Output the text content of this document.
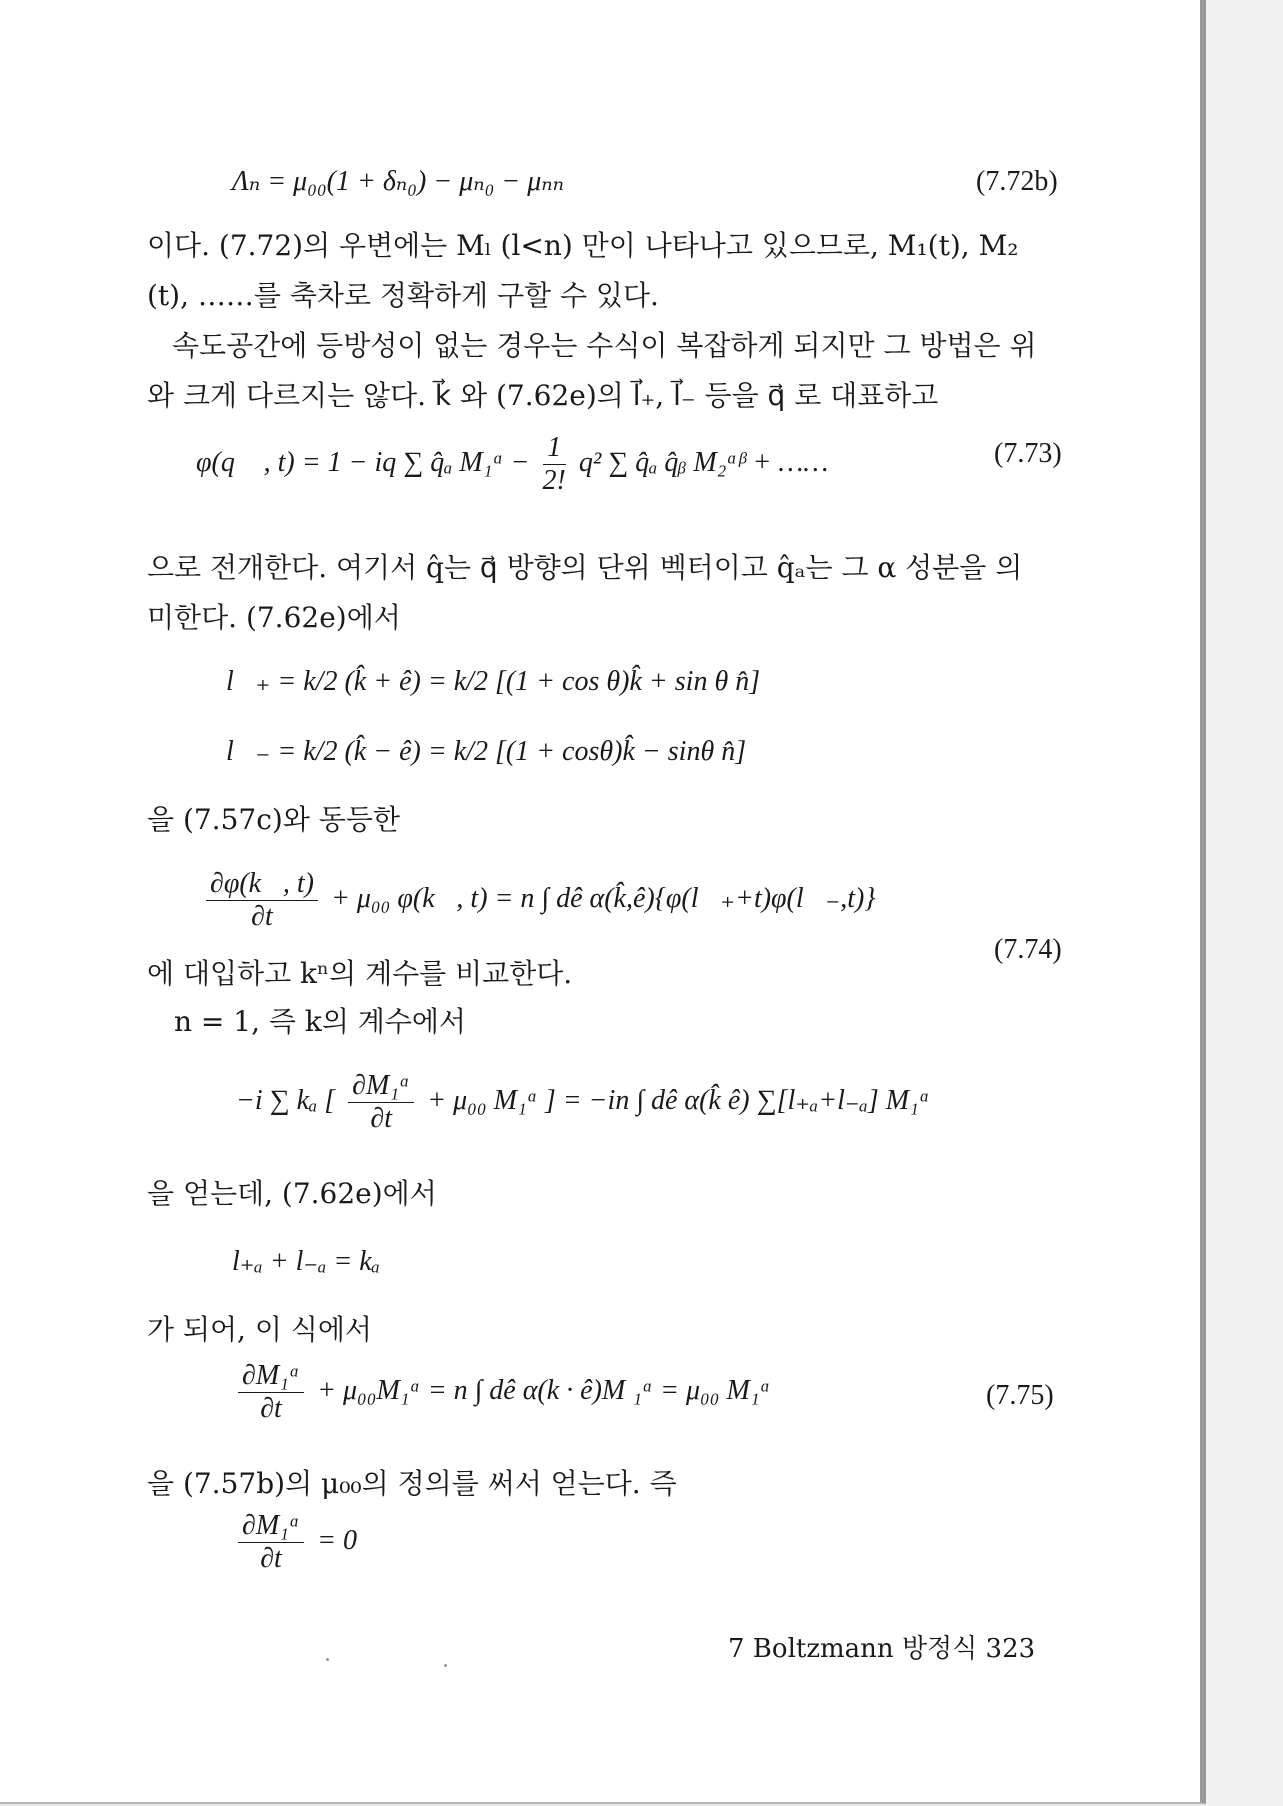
Λₙ = μ₀₀(1 + δₙ₀) − μₙ₀ − μₙₙ	(7.72b)
이다. (7.72)의 우변에는 Mₗ (l<n) 만이 나타나고 있으므로, M₁(t), M₂
(t), ……를 축차로 정확하게 구할 수 있다.
속도공간에 등방성이 없는 경우는 수식이 복잡하게 되지만 그 방법은 위
와 크게 다르지는 않다. k⃗ 와 (7.62e)의 l⃗₊, l⃗₋ 등을 q⃗ 로 대표하고
φ(q⃗ , t) = 1 − iq ∑ q̂ₐ M₁ᵅ − $\frac{1}{2!} q^2$ ∑ q̂ₐ q̂ᵦ M₂ᵅᵝ + ……	(7.73)
으로 전개한다. 여기서 q̂는 q⃗ 방향의 단위 벡터이고 q̂ₐ는 그 α 성분을 의
미한다. (7.62e)에서
l⃗₊ = k/2 (k̂ + ê) = k/2 [(1 + cos θ)k̂ + sin θ n̂]
l⃗₋ = k/2 (k̂ − ê) = k/2 [(1 + cosθ)k̂ − sinθ n̂]
을 (7.57c)와 동등한
$\frac{\partial\varphi(k⃗, t)}{\partial t} + \mu_{00}$ φ(k⃗, t) = n ∫ dê α(k̂,ê){φ(l⃗₊+t)φ(l⃗₋,t)}
(7.74)
에 대입하고 kⁿ의 계수를 비교한다.
n = 1, 즉 k의 계수에서
−i ∑ kₐ [ $\frac{\text{∂M₁ᵅ}}{\partial t} + \mu_{00}$ M₁ᵅ ] = −in ∫ dê α(k̂ ê) ∑[l₊ₐ+l₋ₐ] M₁ᵅ
을 얻는데, (7.62e)에서
l₊ₐ + l₋ₐ = kₐ
가 되어, 이 식에서
$\frac{\text{∂M₁ᵅ}}{\partial t}$ + μ₀₀M₁ᵅ = n ∫ dê α(k · ê)M ₁ᵅ = μ₀₀ M₁ᵅ	(7.75)
을 (7.57b)의 μ₀₀의 정의를 써서 얻는다. 즉
$\frac{\text{∂M₁ᵅ}}{\partial t} = 0$
7 Boltzmann 방정식 323
